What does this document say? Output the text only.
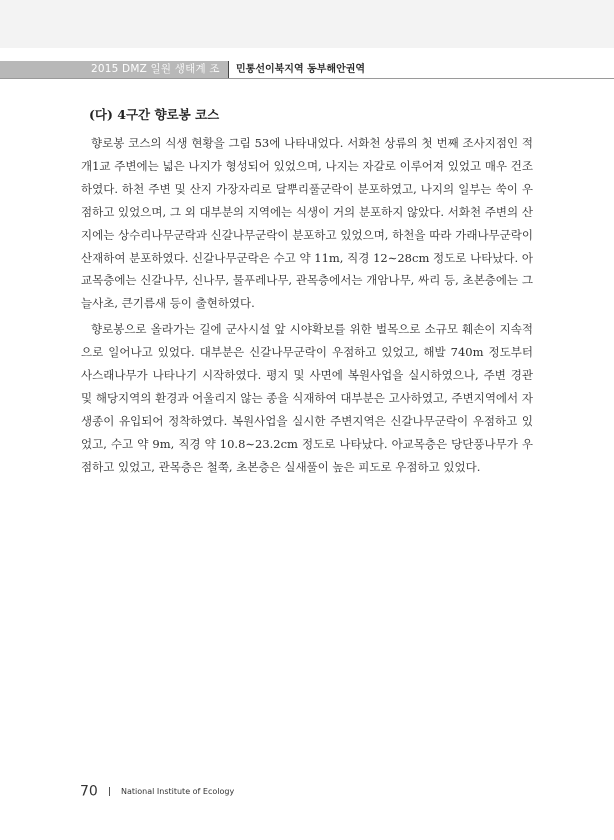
2015 DMZ 일원 생태계 조사
민통선이북지역 동부해안권역
(다) 4구간 향로봉 코스

향로봉 코스의 식생 현황을 그림 53에 나타내었다. 서화천 상류의 첫 번째 조사지점인 적개1교 주변에는 넓은 나지가 형성되어 있었으며, 나지는 자갈로 이루어져 있었고 매우 건조하였다. 하천 주변 및 산지 가장자리로 달뿌리풀군락이 분포하였고, 나지의 일부는 쑥이 우점하고 있었으며, 그 외 대부분의 지역에는 식생이 거의 분포하지 않았다. 서화천 주변의 산지에는 상수리나무군락과 신갈나무군락이 분포하고 있었으며, 하천을 따라 가래나무군락이 산재하여 분포하였다. 신갈나무군락은 수고 약 11m, 직경 12∼28cm 정도로 나타났다. 아교목층에는 신갈나무, 신나무, 물푸레나무, 관목층에서는 개암나무, 싸리 등, 초본층에는 그늘사초, 큰기름새 등이 출현하였다.

향로봉으로 올라가는 길에 군사시설 앞 시야확보를 위한 벌목으로 소규모 훼손이 지속적으로 일어나고 있었다. 대부분은 신갈나무군락이 우점하고 있었고, 해발 740m 정도부터 사스래나무가 나타나기 시작하였다. 평지 및 사면에 복원사업을 실시하였으나, 주변 경관 및 해당지역의 환경과 어울리지 않는 종을 식재하여 대부분은 고사하였고, 주변지역에서 자생종이 유입되어 정착하였다. 복원사업을 실시한 주변지역은 신갈나무군락이 우점하고 있었고, 수고 약 9m, 직경 약 10.8∼23.2cm 정도로 나타났다. 아교목층은 당단풍나무가 우점하고 있었고, 관목층은 철쭉, 초본층은 실새풀이 높은 피도로 우점하고 있었다.

70	National Institute of Ecology
